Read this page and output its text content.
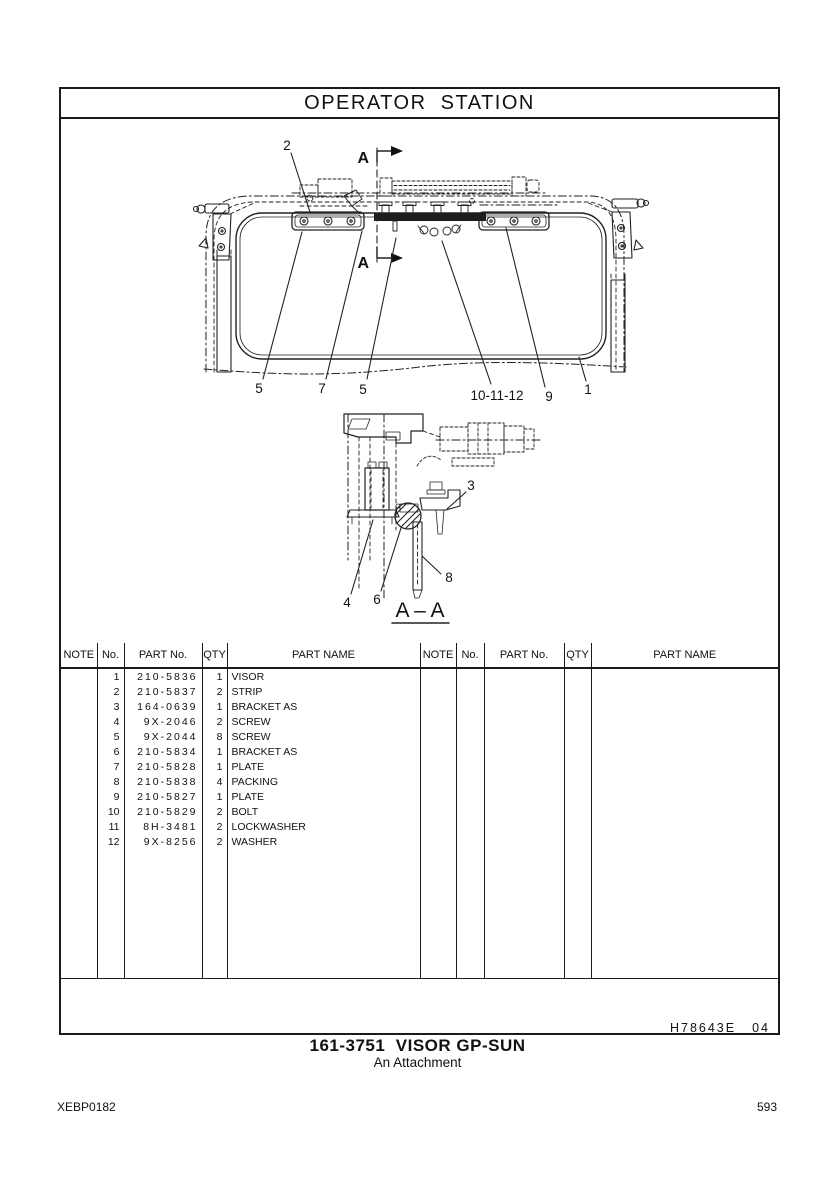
OPERATOR  STATION
A
A
2
5	7 5	10-11-12 9 1
3
4 6
8
A – A
NOTE	No.	PART No.	QTY	PART NAME	NOTE	No.	PART No.	QTY	PART NAME
	1	210-5836	1	VISOR					
	2	210-5837	2	STRIP					
	3	164-0639	1	BRACKET AS					
	4	9X-2046	2	SCREW					
	5	9X-2044	8	SCREW					
	6	210-5834	1	BRACKET AS					
	7	210-5828	1	PLATE					
	8	210-5838	4	PACKING					
	9	210-5827	1	PLATE					
	10	210-5829	2	BOLT					
	11	8H-3481	2	LOCKWASHER					
	12	9X-8256	2	WASHER					

H78643E 04

161-3751  VISOR GP-SUN
An Attachment
XEBP0182	593
